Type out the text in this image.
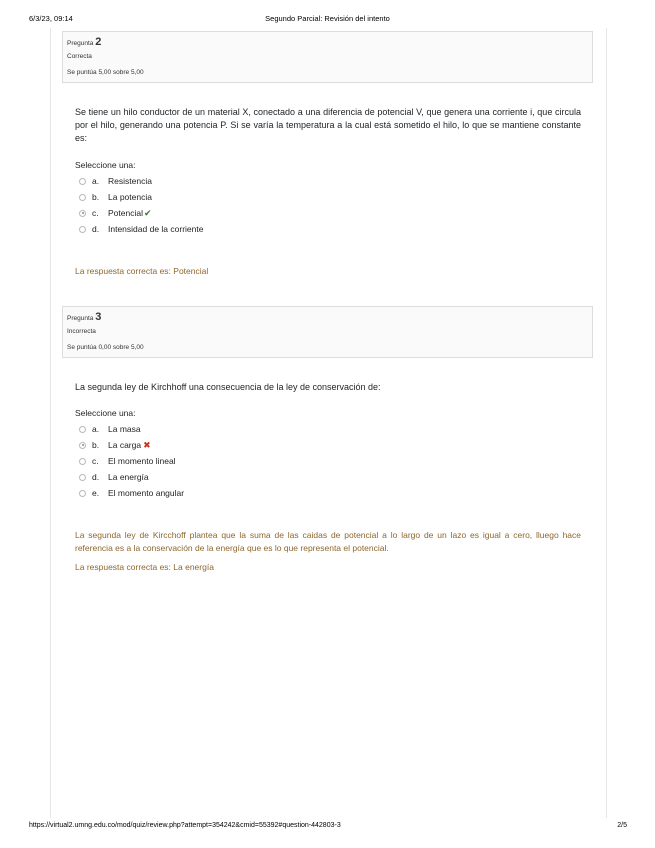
6/3/23, 09:14	Segundo Parcial: Revisión del intento
Pregunta 2
Correcta
Se puntúa 5,00 sobre 5,00
Se tiene un hilo conductor de un material X, conectado a una diferencia de potencial V, que genera una corriente i, que circula por el hilo, generando una potencia P. Si se varía la temperatura a la cual está sometido el hilo, lo que se mantiene constante es:
Seleccione una:
a.	Resistencia
b.	La potencia
c.	Potencial ✔
d.	Intensidad de la corriente
La respuesta correcta es: Potencial
Pregunta 3
Incorrecta
Se puntúa 0,00 sobre 5,00
La segunda ley de Kirchhoff una consecuencia de la ley de conservación de:
Seleccione una:
a.	La masa
b.	La carga ✖
c.	El momento lineal
d.	La energía
e.	El momento angular
La segunda ley de Kircchoff plantea que la suma de las caidas de potencial a lo largo de un lazo es igual a cero, lluego hace referencia es a la conservación de la energía que es lo que representa el potencial.
La respuesta correcta es: La energía
https://virtual2.umng.edu.co/mod/quiz/review.php?attempt=354242&cmid=55392#question-442803-3	2/5
